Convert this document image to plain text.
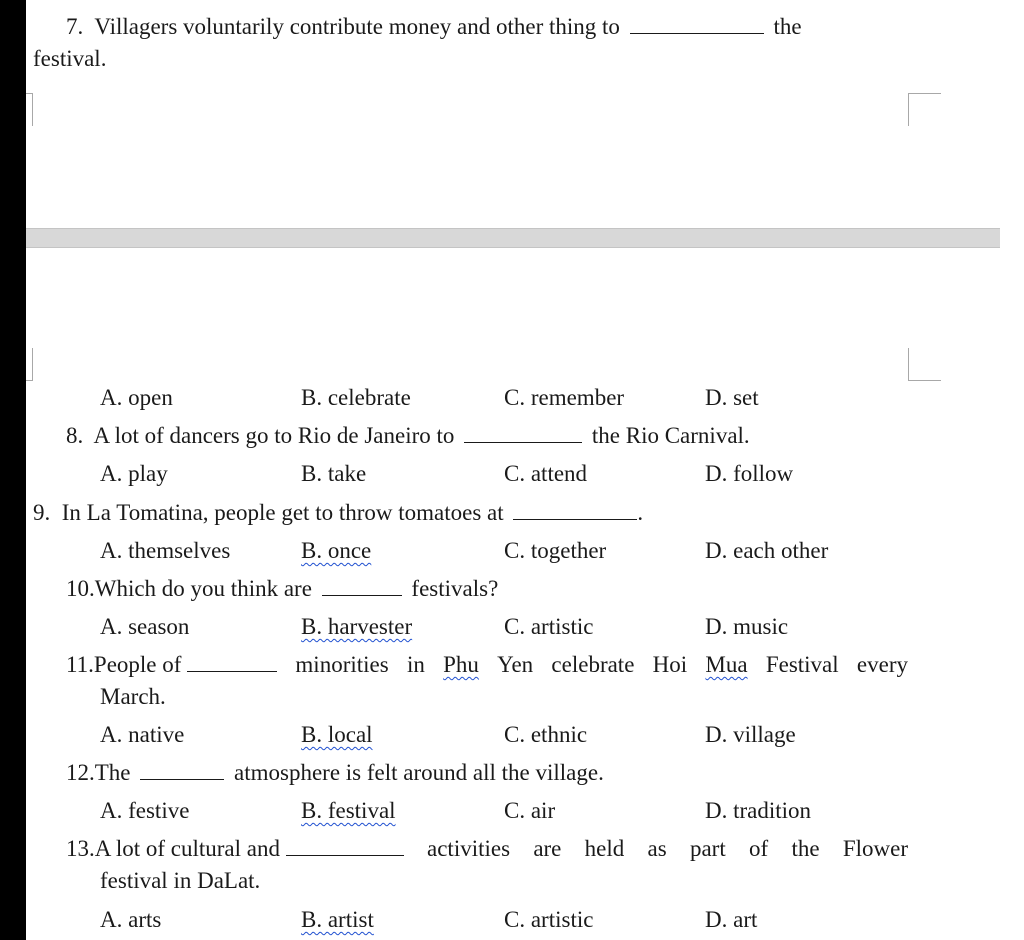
7. Villagers voluntarily contribute money and other thing to	the
festival.
A. open	B. celebrate	C. remember	D. set
8. A lot of dancers go to Rio de Janeiro to	the Rio Carnival.
A. play	B. take	C. attend	D. follow
9. In La Tomatina, people get to throw tomatoes at	.
A. themselves	B. once	C. together	D. each other
10.Which do you think are	festivals?
A. season	B. harvester	C. artistic	D. music
11.People of	minorities in Phu Yen celebrate Hoi Mua Festival every
March.
A. native	B. local	C. ethnic	D. village
12.The	atmosphere is felt around all the village.
A. festive	B. festival	C. air	D. tradition
13.A lot of cultural and	activities are held as part of the Flower
festival in DaLat.
A. arts	B. artist	C. artistic	D. art
